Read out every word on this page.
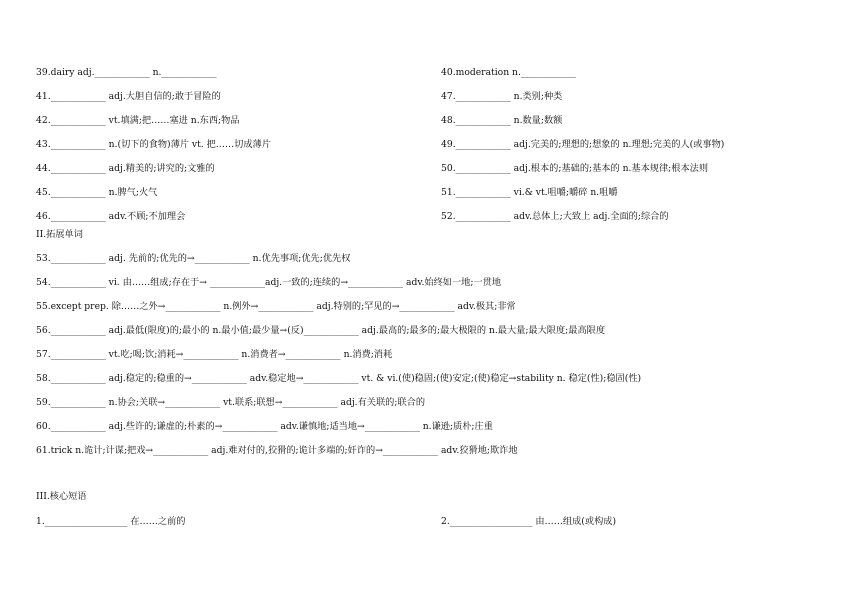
39.dairy adj.____________ n.____________	40.moderation n.____________
41.____________ adj.大胆自信的;敢于冒险的	47.____________ n.类别;种类
42.____________ vt.填满;把……塞进 n.东西;物品	48.____________ n.数量;数额
43.____________ n.(切下的食物)薄片 vt. 把……切成薄片	49.____________ adj.完美的;理想的;想象的 n.理想;完美的人(或事物)
44.____________ adj.精美的;讲究的;文雅的	50.____________ adj.根本的;基础的;基本的 n.基本规律;根本法则
45.____________ n.脾气;火气	51.____________ vi.& vt.咀嚼;嚼碎 n.咀嚼
46.____________ adv.不顾;不加理会	52.____________ adv.总体上;大致上 adj.全面的;综合的
II.拓展单词
53.____________ adj. 先前的;优先的→____________ n.优先事项;优先;优先权
54.____________ vi. 由……组成;存在于→ ____________adj.一致的;连续的→____________ adv.始终如一地;一贯地
55.except prep. 除……之外→____________ n.例外→____________ adj.特别的;罕见的→____________ adv.极其;非常
56.____________ adj.最低(限度)的;最小的 n.最小值;最少量→(反)____________ adj.最高的;最多的;最大极限的 n.最大量;最大限度;最高限度
57.____________ vt.吃;喝;饮;消耗→____________ n.消费者→____________ n.消费;消耗
58.____________ adj.稳定的;稳重的→____________ adv.稳定地→____________ vt. & vi.(使)稳固;(使)安定;(使)稳定→stability n. 稳定(性);稳固(性)
59.____________ n.协会;关联→____________ vt.联系;联想→____________ adj.有关联的;联合的
60.____________ adj.些许的;谦虚的;朴素的→____________ adv.谦慎地;适当地→____________ n.谦逊;质朴;庄重
61.trick n.诡计;计谋;把戏→____________ adj.难对付的,狡猾的;诡计多端的;奸诈的→____________ adv.狡猾地;欺诈地
III.核心短语
1.__________________ 在……之前的	2.__________________ 由……组成(或构成)
